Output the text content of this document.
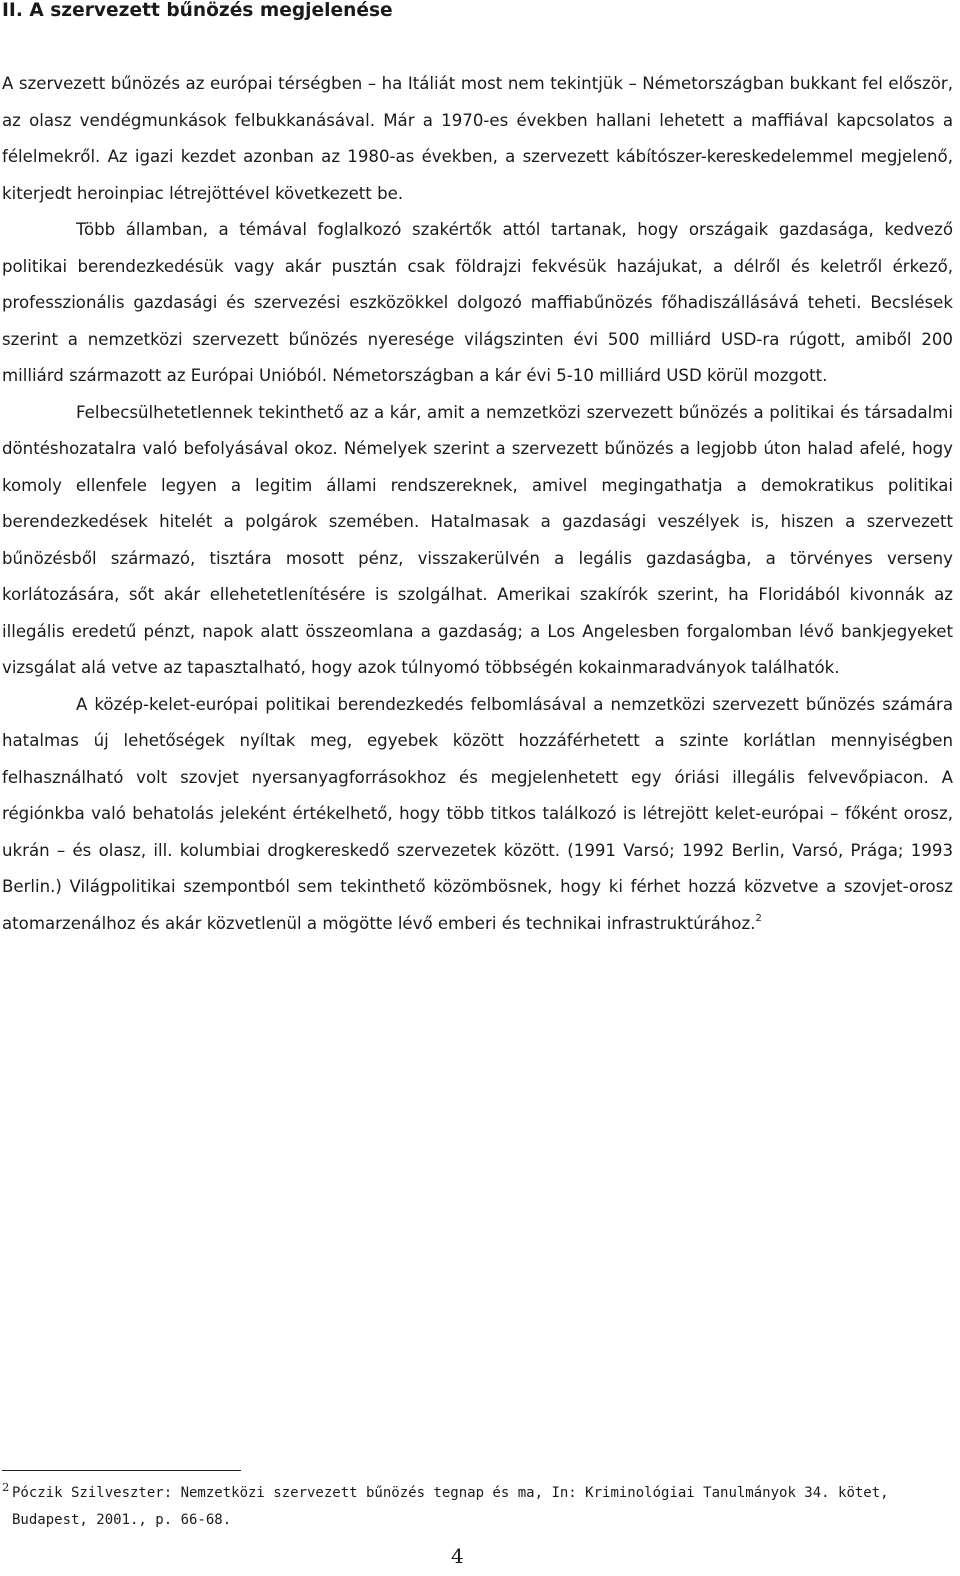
II. A szervezett bűnözés megjelenése

A szervezett bűnözés az európai térségben – ha Itáliát most nem tekintjük – Németországban bukkant fel először, az olasz vendégmunkások felbukkanásával. Már a 1970-es években hallani lehetett a maffiával kapcsolatos a félelmekről. Az igazi kezdet azonban az 1980-as években, a szervezett kábítószer-kereskedelemmel megjelenő, kiterjedt heroinpiac létrejöttével következett be.

Több államban, a témával foglalkozó szakértők attól tartanak, hogy országaik gazdasága, kedvező politikai berendezkedésük vagy akár pusztán csak földrajzi fekvésük hazájukat, a délről és keletről érkező, professzionális gazdasági és szervezési eszközökkel dolgozó maffiabűnözés főhadiszállásává teheti. Becslések szerint a nemzetközi szervezett bűnözés nyeresége világszinten évi 500 milliárd USD-ra rúgott, amiből 200 milliárd származott az Európai Unióból. Németországban a kár évi 5-10 milliárd USD körül mozgott.

Felbecsülhetetlennek tekinthető az a kár, amit a nemzetközi szervezett bűnözés a politikai és társadalmi döntéshozatalra való befolyásával okoz. Némelyek szerint a szervezett bűnözés a legjobb úton halad afelé, hogy komoly ellenfele legyen a legitim állami rendszereknek, amivel megingathatja a demokratikus politikai berendezkedések hitelét a polgárok szemében. Hatalmasak a gazdasági veszélyek is, hiszen a szervezett bűnözésből származó, tisztára mosott pénz, visszakerülvén a legális gazdaságba, a törvényes verseny korlátozására, sőt akár ellehetetlenítésére is szolgálhat. Amerikai szakírók szerint, ha Floridából kivonnák az illegális eredetű pénzt, napok alatt összeomlana a gazdaság; a Los Angelesben forgalomban lévő bankjegyeket vizsgálat alá vetve az tapasztalható, hogy azok túlnyomó többségén kokainmaradványok találhatók.

A közép-kelet-európai politikai berendezkedés felbomlásával a nemzetközi szervezett bűnözés számára hatalmas új lehetőségek nyíltak meg, egyebek között hozzáférhetett a szinte korlátlan mennyiségben felhasználható volt szovjet nyersanyagforrásokhoz és megjelenhetett egy óriási illegális felvevőpiacon. A régiónkba való behatolás jeleként értékelhető, hogy több titkos találkozó is létrejött kelet-európai – főként orosz, ukrán – és olasz, ill. kolumbiai drogkereskedő szervezetek között. (1991 Varsó; 1992 Berlin, Varsó, Prága; 1993 Berlin.) Világpolitikai szempontból sem tekinthető közömbösnek, hogy ki férhet hozzá közvetve a szovjet-orosz atomarzenálhoz és akár közvetlenül a mögötte lévő emberi és technikai infrastruktúrához.$^2$

2 Póczik Szilveszter: Nemzetközi szervezett bűnözés tegnap és ma, In: Kriminológiai Tanulmányok 34. kötet, Budapest, 2001., p. 66-68.
4
